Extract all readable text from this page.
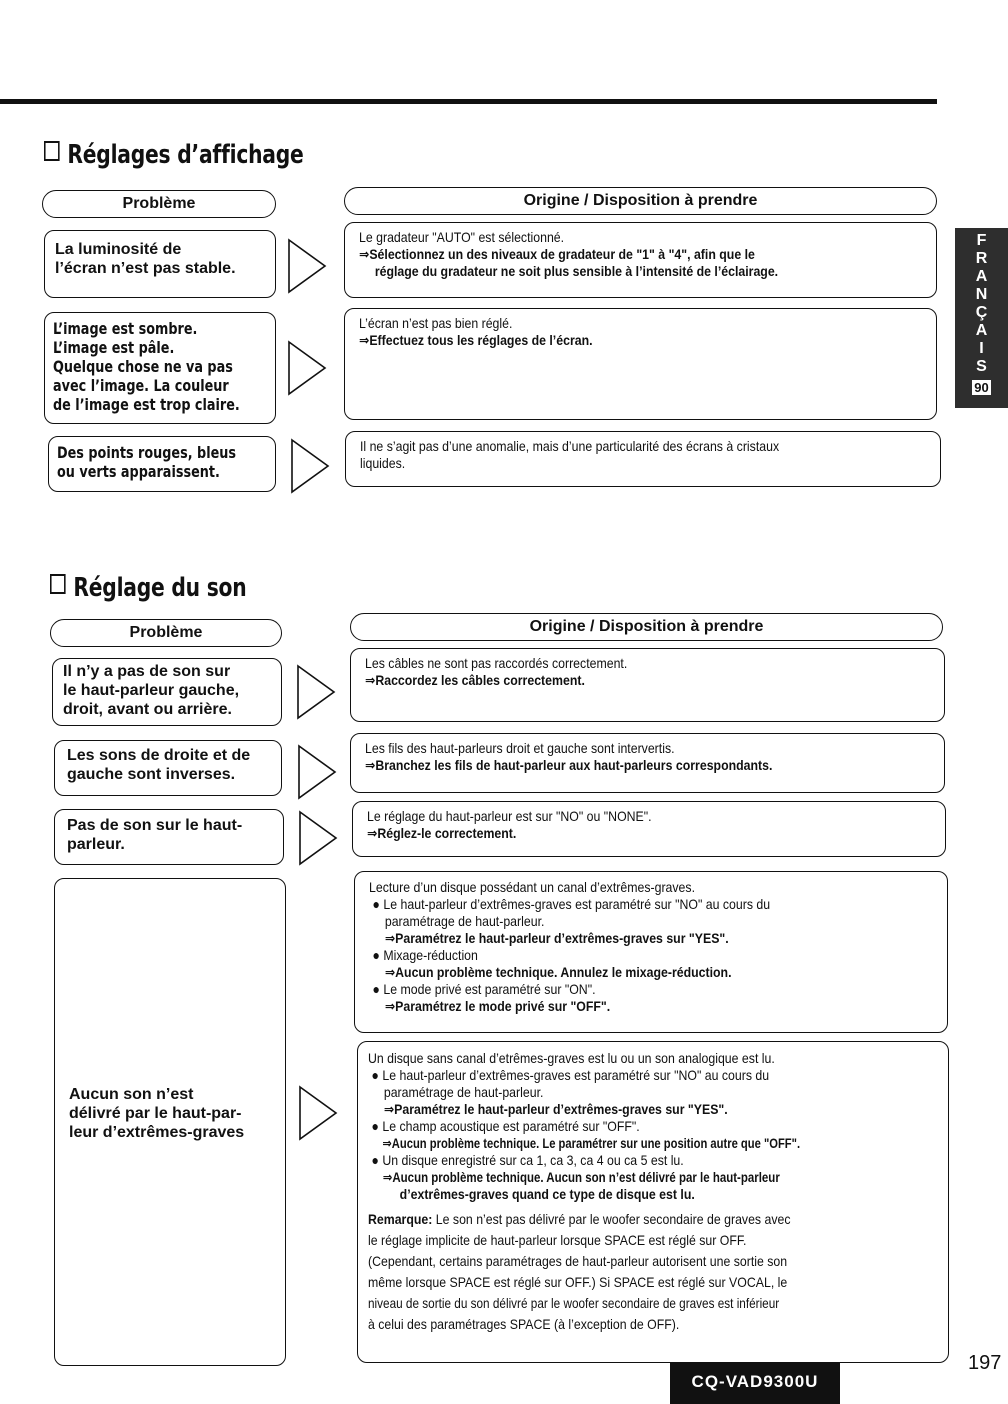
Réglages d’affichage
Problème	Origine / Disposition à prendre
La luminosité de
l’écran n’est pas stable.
Le gradateur "AUTO" est sélectionné.
⇒Sélectionnez un des niveaux de gradateur de "1" à "4", afin que le
réglage du gradateur ne soit plus sensible à l’intensité de l’éclairage.
L’image est sombre.
L’image est pâle.
Quelque chose ne va pas
avec l’image. La couleur
de l’image est trop claire.
L’écran n’est pas bien réglé.
⇒Effectuez tous les réglages de l’écran.
Des points rouges, bleus
ou verts apparaissent.
Il ne s’agit pas d’une anomalie, mais d’une particularité des écrans à cristaux
liquides.
Réglage du son
Problème	Origine / Disposition à prendre
Il n’y a pas de son sur
le haut-parleur gauche,
droit, avant ou arrière.
Les câbles ne sont pas raccordés correctement.
⇒Raccordez les câbles correctement.
Les sons de droite et de
gauche sont inverses.
Les fils des haut-parleurs droit et gauche sont intervertis.
⇒Branchez les fils de haut-parleur aux haut-parleurs correspondants.
Pas de son sur le haut-
parleur.
Le réglage du haut-parleur est sur "NO" ou "NONE".
⇒Réglez-le correctement.
Aucun son n’est
délivré par le haut-par-
leur d’extrêmes-graves
Lecture d’un disque possédant un canal d’extrêmes-graves.
● Le haut-parleur d’extrêmes-graves est paramétré sur "NO" au cours du
paramétrage de haut-parleur.
⇒Paramétrez le haut-parleur d’extrêmes-graves sur "YES".
● Mixage-réduction
⇒Aucun problème technique. Annulez le mixage-réduction.
● Le mode privé est paramétré sur "ON".
⇒Paramétrez le mode privé sur "OFF".
Un disque sans canal d’etrêmes-graves est lu ou un son analogique est lu.
● Le haut-parleur d’extrêmes-graves est paramétré sur "NO" au cours du
paramétrage de haut-parleur.
⇒Paramétrez le haut-parleur d’extrêmes-graves sur "YES".
● Le champ acoustique est paramétré sur "OFF".
⇒Aucun problème technique. Le paramétrer sur une position autre que "OFF".
● Un disque enregistré sur ca 1, ca 3, ca 4 ou ca 5 est lu.
⇒Aucun problème technique. Aucun son n’est délivré par le haut-parleur
d’extrêmes-graves quand ce type de disque est lu.
Remarque: Le son n’est pas délivré par le woofer secondaire de graves avec
le réglage implicite de haut-parleur lorsque SPACE est réglé sur OFF.
(Cependant, certains paramétrages de haut-parleur autorisent une sortie son
même lorsque SPACE est réglé sur OFF.) Si SPACE est réglé sur VOCAL, le
niveau de sortie du son délivré par le woofer secondaire de graves est inférieur
à celui des paramétrages SPACE (à l’exception de OFF).
F
R
A
N
Ç
A
I
S
90
CQ-VAD9300U
197
